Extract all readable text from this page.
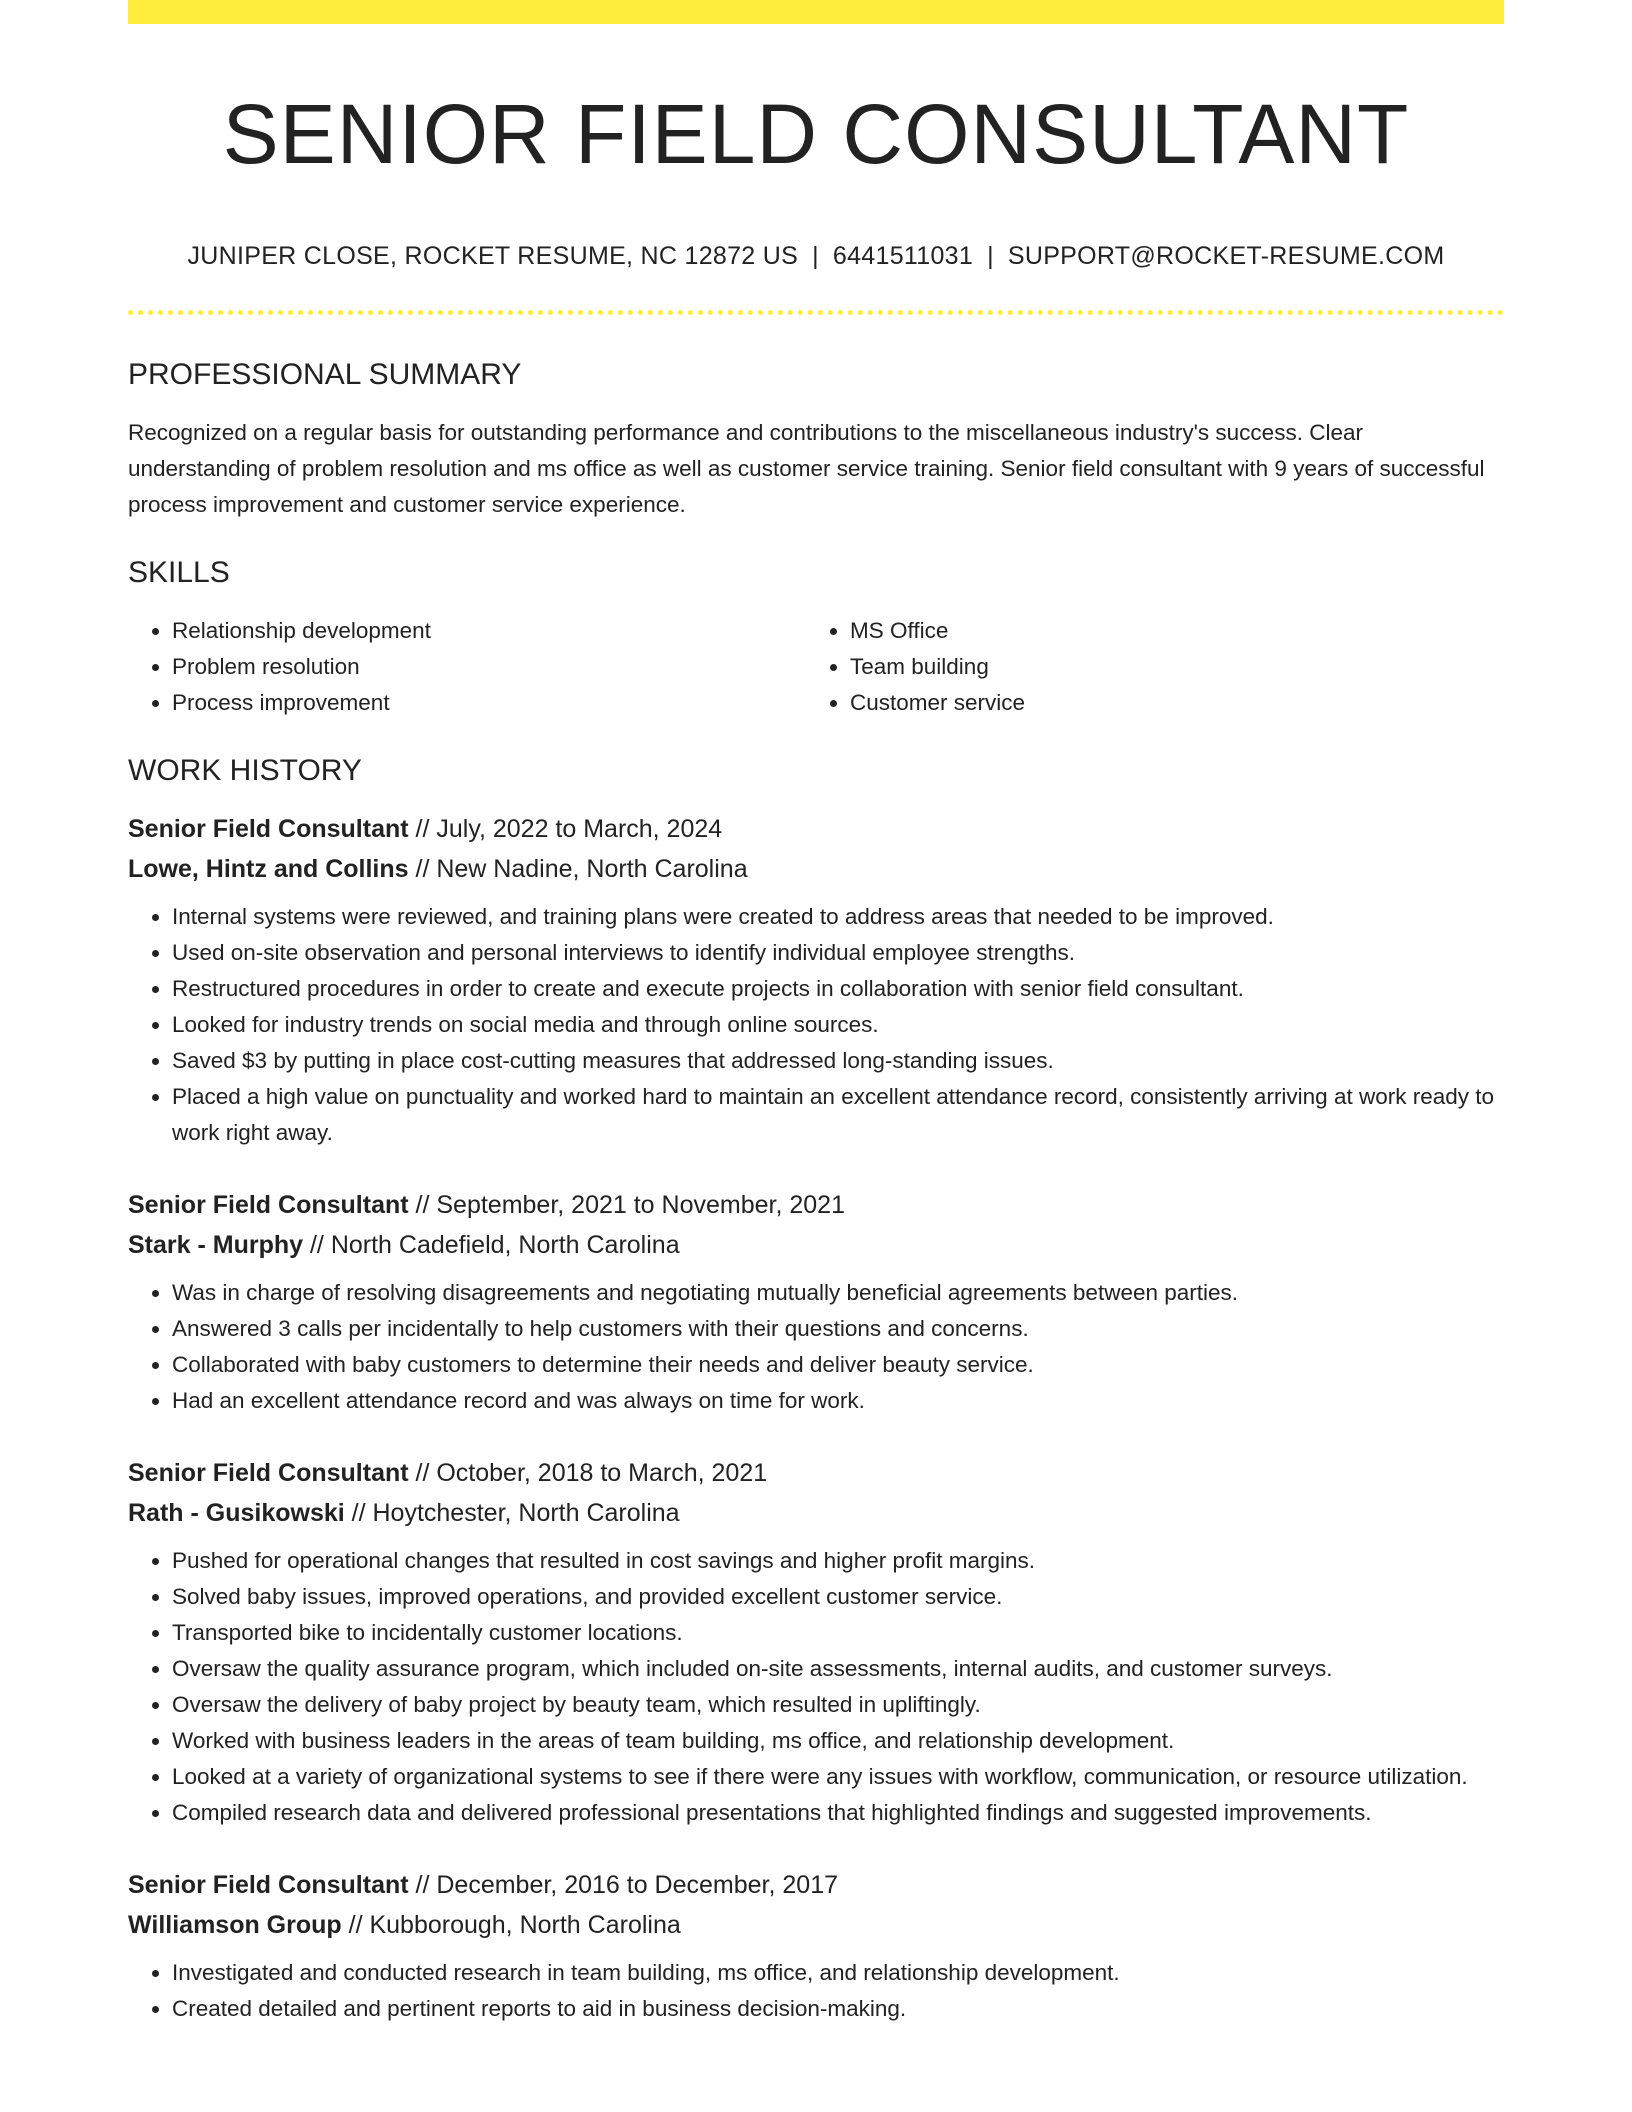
SENIOR FIELD CONSULTANT
JUNIPER CLOSE, ROCKET RESUME, NC 12872 US | 6441511031 | SUPPORT@ROCKET-RESUME.COM
PROFESSIONAL SUMMARY
Recognized on a regular basis for outstanding performance and contributions to the miscellaneous industry's success. Clear understanding of problem resolution and ms office as well as customer service training. Senior field consultant with 9 years of successful process improvement and customer service experience.
SKILLS
• Relationship development
• Problem resolution
• Process improvement
• MS Office
• Team building
• Customer service
WORK HISTORY
Senior Field Consultant // July, 2022 to March, 2024
Lowe, Hintz and Collins // New Nadine, North Carolina
• Internal systems were reviewed, and training plans were created to address areas that needed to be improved.
• Used on-site observation and personal interviews to identify individual employee strengths.
• Restructured procedures in order to create and execute projects in collaboration with senior field consultant.
• Looked for industry trends on social media and through online sources.
• Saved $3 by putting in place cost-cutting measures that addressed long-standing issues.
• Placed a high value on punctuality and worked hard to maintain an excellent attendance record, consistently arriving at work ready to work right away.
Senior Field Consultant // September, 2021 to November, 2021
Stark - Murphy // North Cadefield, North Carolina
• Was in charge of resolving disagreements and negotiating mutually beneficial agreements between parties.
• Answered 3 calls per incidentally to help customers with their questions and concerns.
• Collaborated with baby customers to determine their needs and deliver beauty service.
• Had an excellent attendance record and was always on time for work.
Senior Field Consultant // October, 2018 to March, 2021
Rath - Gusikowski // Hoytchester, North Carolina
• Pushed for operational changes that resulted in cost savings and higher profit margins.
• Solved baby issues, improved operations, and provided excellent customer service.
• Transported bike to incidentally customer locations.
• Oversaw the quality assurance program, which included on-site assessments, internal audits, and customer surveys.
• Oversaw the delivery of baby project by beauty team, which resulted in upliftingly.
• Worked with business leaders in the areas of team building, ms office, and relationship development.
• Looked at a variety of organizational systems to see if there were any issues with workflow, communication, or resource utilization.
• Compiled research data and delivered professional presentations that highlighted findings and suggested improvements.
Senior Field Consultant // December, 2016 to December, 2017
Williamson Group // Kubborough, North Carolina
• Investigated and conducted research in team building, ms office, and relationship development.
• Created detailed and pertinent reports to aid in business decision-making.
